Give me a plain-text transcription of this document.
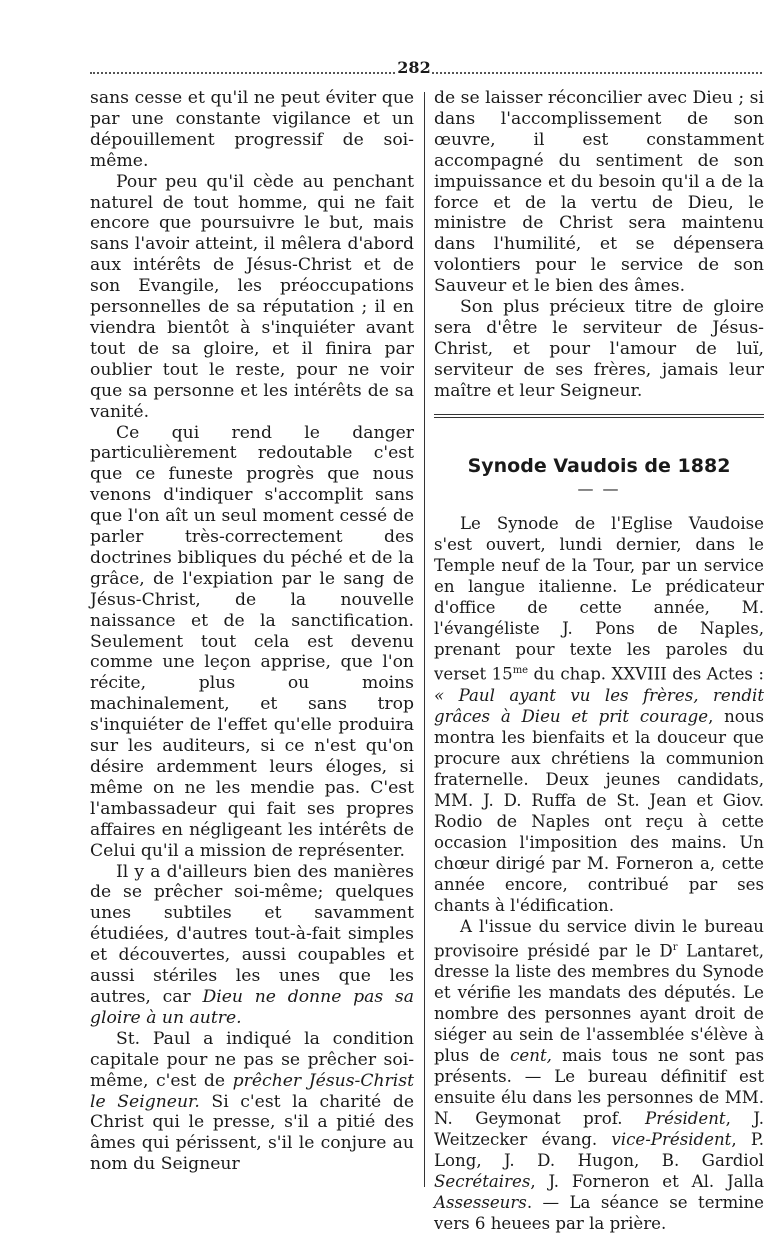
282

sans cesse et qu'il ne peut éviter que par une constante vigilance et un dépouillement progressif de soi-même.

Pour peu qu'il cède au penchant naturel de tout homme, qui ne fait encore que poursuivre le but, mais sans l'avoir atteint, il mêlera d'abord aux intérêts de Jésus-Christ et de son Evangile, les préoccupations personnelles de sa réputation ; il en viendra bientôt à s'inquiéter avant tout de sa gloire, et il finira par oublier tout le reste, pour ne voir que sa personne et les intérêts de sa vanité.

Ce qui rend le danger particulièrement redoutable c'est que ce funeste progrès que nous venons d'indiquer s'accomplit sans que l'on aît un seul moment cessé de parler très-correctement des doctrines bibliques du péché et de la grâce, de l'expiation par le sang de Jésus-Christ, de la nouvelle naissance et de la sanctification. Seulement tout cela est devenu comme une leçon apprise, que l'on récite, plus ou moins machinalement, et sans trop s'inquiéter de l'effet qu'elle produira sur les auditeurs, si ce n'est qu'on désire ardemment leurs éloges, si même on ne les mendie pas. C'est l'ambassadeur qui fait ses propres affaires en négligeant les intérêts de Celui qu'il a mission de représenter.

Il y a d'ailleurs bien des manières de se prêcher soi-même; quelques unes subtiles et savamment étudiées, d'autres tout-à-fait simples et découvertes, aussi coupables et aussi stériles les unes que les autres, car Dieu ne donne pas sa gloire à un autre.

St. Paul a indiqué la condition capitale pour ne pas se prêcher soi-même, c'est de prêcher Jésus-Christ le Seigneur. Si c'est la charité de Christ qui le presse, s'il a pitié des âmes qui périssent, s'il le conjure au nom du Seigneur

de se laisser réconcilier avec Dieu ; si dans l'accomplissement de son œuvre, il est constamment accompagné du sentiment de son impuissance et du besoin qu'il a de la force et de la vertu de Dieu, le ministre de Christ sera maintenu dans l'humilité, et se dépensera volontiers pour le service de son Sauveur et le bien des âmes.

Son plus précieux titre de gloire sera d'être le serviteur de Jésus-Christ, et pour l'amour de luï, serviteur de ses frères, jamais leur maître et leur Seigneur.

Synode Vaudois de 1882
— —

Le Synode de l'Eglise Vaudoise s'est ouvert, lundi dernier, dans le Temple neuf de la Tour, par un service en langue italienne. Le prédicateur d'office de cette année, M. l'évangéliste J. Pons de Naples, prenant pour texte les paroles du verset $15^{me}$ du chap. XXVIII des Actes : « Paul ayant vu les frères, rendit grâces à Dieu et prit courage, nous montra les bienfaits et la douceur que procure aux chrétiens la communion fraternelle. Deux jeunes candidats, MM. J. D. Ruffa de St. Jean et Giov. Rodio de Naples ont reçu à cette occasion l'imposition des mains. Un chœur dirigé par M. Forneron a, cette année encore, contribué par ses chants à l'édification.

A l'issue du service divin le bureau provisoire présidé par le $D^r$ Lantaret, dresse la liste des membres du Synode et vérifie les mandats des députés. Le nombre des personnes ayant droit de siéger au sein de l'assemblée s'élève à plus de cent, mais tous ne sont pas présents. — Le bureau définitif est ensuite élu dans les personnes de MM. N. Geymonat prof. Président, J. Weitzecker évang. vice-Président, P. Long, J. D. Hugon, B. Gardiol Secrétaires, J. Forneron et Al. Jalla Assesseurs. — La séance se termine vers 6 heuees par la prière.
